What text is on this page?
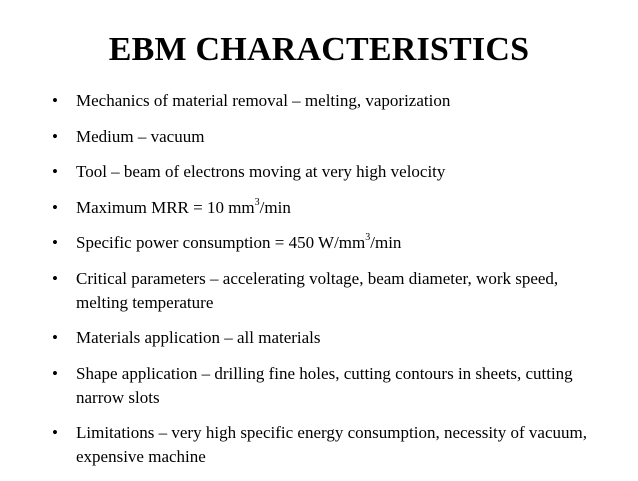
EBM CHARACTERISTICS
• Mechanics of material removal – melting, vaporization
• Medium – vacuum
• Tool – beam of electrons moving at very high velocity
• Maximum MRR = 10 $mm^3/\min$
• Specific power consumption = 450 $W/mm^3/\min$
• Critical parameters – accelerating voltage, beam diameter, work speed, melting temperature
• Materials application – all materials
• Shape application – drilling fine holes, cutting contours in sheets, cutting narrow slots
• Limitations – very high specific energy consumption, necessity of vacuum, expensive machine
